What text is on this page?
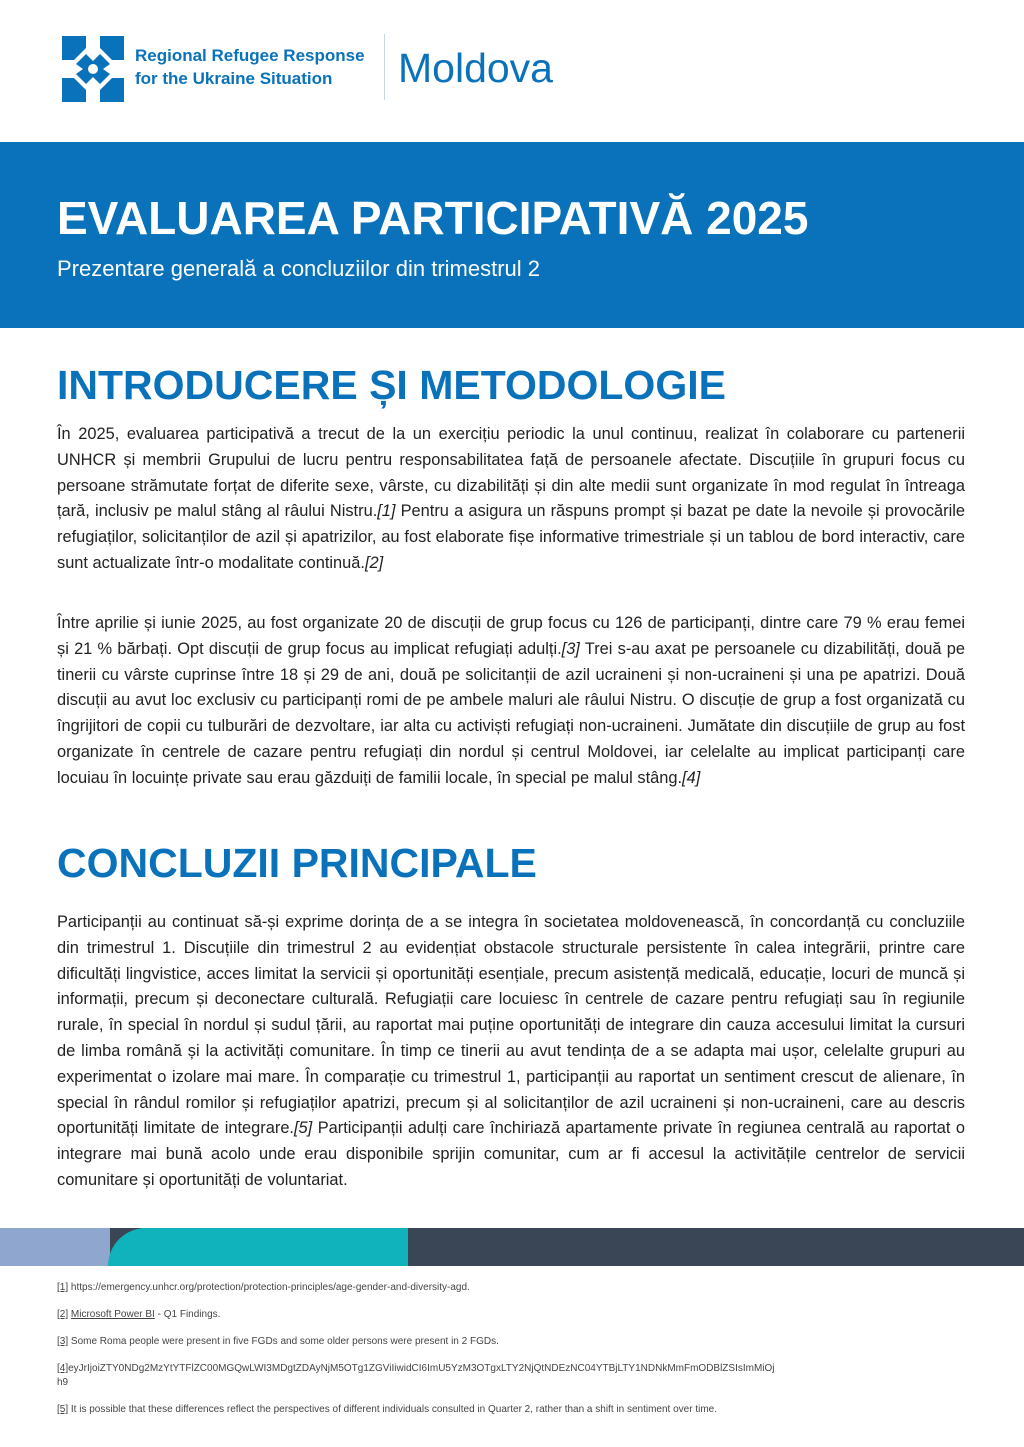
Regional Refugee Response
for the Ukraine Situation	Moldova
EVALUAREA PARTICIPATIVĂ 2025
Prezentare generală a concluziilor din trimestrul 2
INTRODUCERE ȘI METODOLOGIE

În 2025, evaluarea participativă a trecut de la un exercițiu periodic la unul continuu, realizat în colaborare cu partenerii UNHCR și membrii Grupului de lucru pentru responsabilitatea față de persoanele afectate. Discuțiile în grupuri focus cu persoane strămutate forțat de diferite sexe, vârste, cu dizabilități și din alte medii sunt organizate în mod regulat în întreaga țară, inclusiv pe malul stâng al râului Nistru.[1] Pentru a asigura un răspuns prompt și bazat pe date la nevoile și provocările refugiaților, solicitanților de azil și apatrizilor, au fost elaborate fișe informative trimestriale și un tablou de bord interactiv, care sunt actualizate într-o modalitate continuă.[2]

Între aprilie și iunie 2025, au fost organizate 20 de discuții de grup focus cu 126 de participanți, dintre care 79 % erau femei și 21 % bărbați. Opt discuții de grup focus au implicat refugiați adulți.[3] Trei s-au axat pe persoanele cu dizabilități, două pe tinerii cu vârste cuprinse între 18 și 29 de ani, două pe solicitanții de azil ucraineni și non-ucraineni și una pe apatrizi. Două discuții au avut loc exclusiv cu participanți romi de pe ambele maluri ale râului Nistru. O discuție de grup a fost organizată cu îngrijitori de copii cu tulburări de dezvoltare, iar alta cu activiști refugiați non-ucraineni. Jumătate din discuțiile de grup au fost organizate în centrele de cazare pentru refugiați din nordul și centrul Moldovei, iar celelalte au implicat participanți care locuiau în locuințe private sau erau găzduiți de familii locale, în special pe malul stâng.[4]

CONCLUZII PRINCIPALE

Participanții au continuat să-și exprime dorința de a se integra în societatea moldovenească, în concordanță cu concluziile din trimestrul 1. Discuțiile din trimestrul 2 au evidențiat obstacole structurale persistente în calea integrării, printre care dificultăți lingvistice, acces limitat la servicii și oportunități esențiale, precum asistență medicală, educație, locuri de muncă și informații, precum și deconectare culturală. Refugiații care locuiesc în centrele de cazare pentru refugiați sau în regiunile rurale, în special în nordul și sudul țării, au raportat mai puține oportunități de integrare din cauza accesului limitat la cursuri de limba română și la activități comunitare. În timp ce tinerii au avut tendința de a se adapta mai ușor, celelalte grupuri au experimentat o izolare mai mare. În comparație cu trimestrul 1, participanții au raportat un sentiment crescut de alienare, în special în rândul romilor și refugiaților apatrizi, precum și al solicitanților de azil ucraineni și non-ucraineni, care au descris oportunități limitate de integrare.[5] Participanții adulți care închiriază apartamente private în regiunea centrală au raportat o integrare mai bună acolo unde erau disponibile sprijin comunitar, cum ar fi accesul la activitățile centrelor de servicii comunitare și oportunități de voluntariat.

[1] https://emergency.unhcr.org/protection/protection-principles/age-gender-and-diversity-agd.

[2] Microsoft Power BI - Q1 Findings.

[3] Some Roma people were present in five FGDs and some older persons were present in 2 FGDs.

[4]eyJrIjoiZTY0NDg2MzYtYTFlZC00MGQwLWI3MDgtZDAyNjM5OTg1ZGViIiwidCI6ImU5YzM3OTgxLTY2NjQtNDEzNC04YTBjLTY1NDNkMmFmODBlZSIsImMiOjh9

[5] It is possible that these differences reflect the perspectives of different individuals consulted in Quarter 2, rather than a shift in sentiment over time.
